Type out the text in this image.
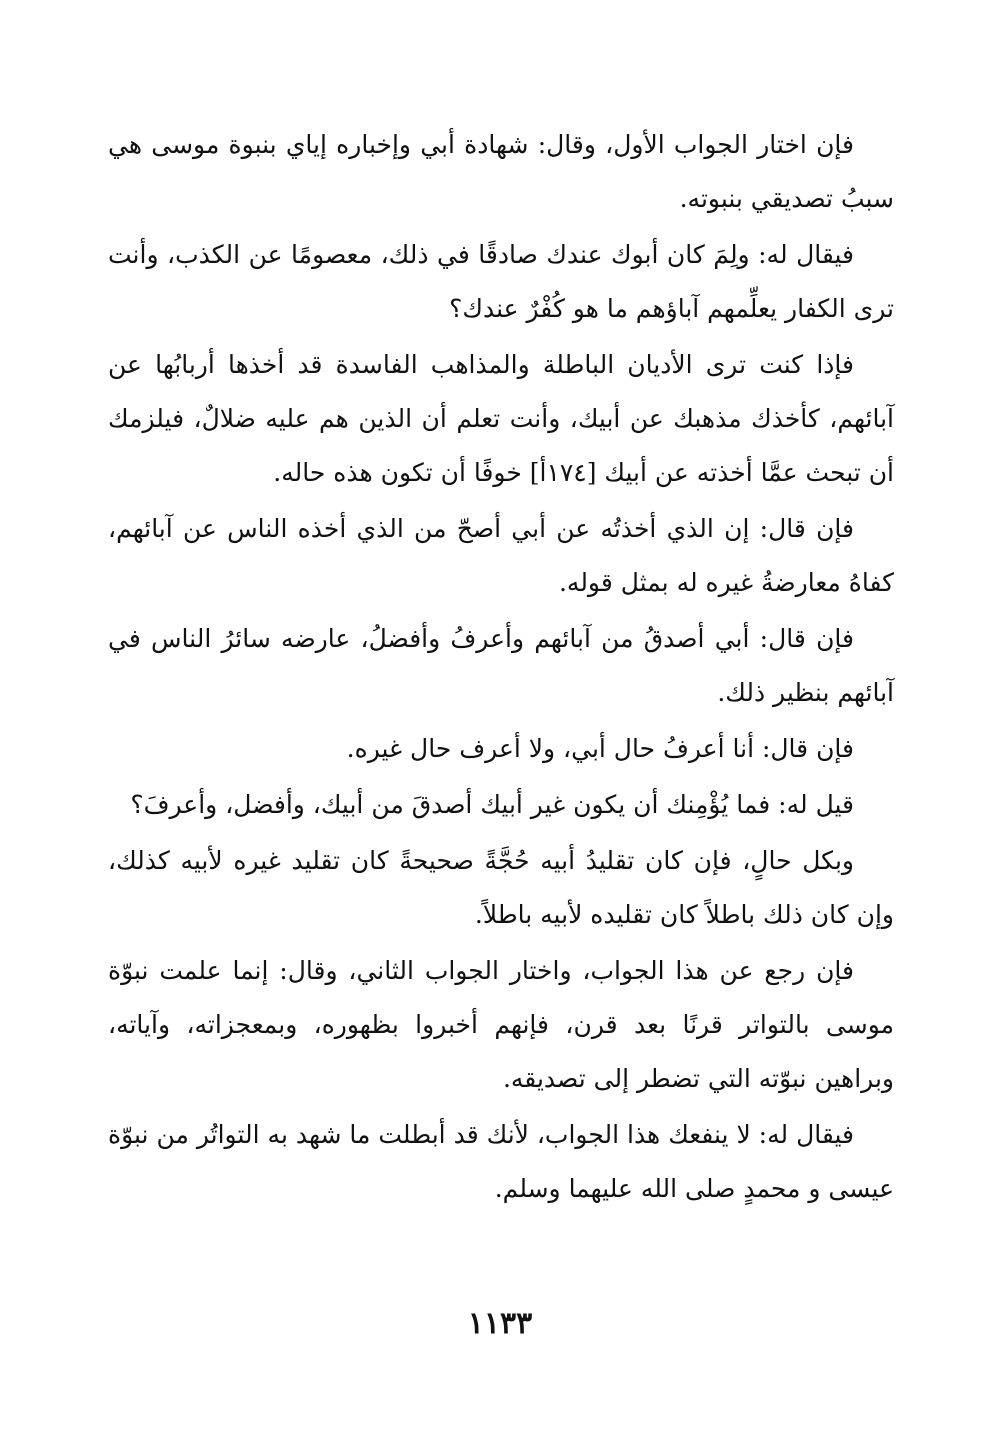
فإن اختار الجواب الأول، وقال: شهادة أبي وإخباره إياي بنبوة موسى هي سببُ تصديقي بنبوته.

فيقال له: ولِمَ كان أبوك عندك صادقًا في ذلك، معصومًا عن الكذب، وأنت ترى الكفار يعلِّمهم آباؤهم ما هو كُفْرٌ عندك؟

فإذا كنت ترى الأديان الباطلة والمذاهب الفاسدة قد أخذها أربابُها عن آبائهم، كأخذك مذهبك عن أبيك، وأنت تعلم أن الذين هم عليه ضلالٌ، فيلزمك أن تبحث عمَّا أخذته عن أبيك [١٧٤أ] خوفًا أن تكون هذه حاله.

فإن قال: إن الذي أخذتُه عن أبي أصحّ من الذي أخذه الناس عن آبائهم، كفاهُ معارضةُ غيره له بمثل قوله.

فإن قال: أبي أصدقُ من آبائهم وأعرفُ وأفضلُ، عارضه سائرُ الناس في آبائهم بنظير ذلك.

فإن قال: أنا أعرفُ حال أبي، ولا أعرف حال غيره.

قيل له: فما يُؤْمِنك أن يكون غير أبيك أصدقَ من أبيك، وأفضل، وأعرفَ؟

وبكل حالٍ، فإن كان تقليدُ أبيه حُجَّةً صحيحةً كان تقليد غيره لأبيه كذلك، وإن كان ذلك باطلاً كان تقليده لأبيه باطلاً.

فإن رجع عن هذا الجواب، واختار الجواب الثاني، وقال: إنما علمت نبوّة موسى بالتواتر قرنًا بعد قرن، فإنهم أخبروا بظهوره، وبمعجزاته، وآياته، وبراهين نبوّته التي تضطر إلى تصديقه.

فيقال له: لا ينفعك هذا الجواب، لأنك قد أبطلت ما شهد به التواتُر من نبوّة عيسى و محمدٍ صلى الله عليهما وسلم.

١١٣٣
